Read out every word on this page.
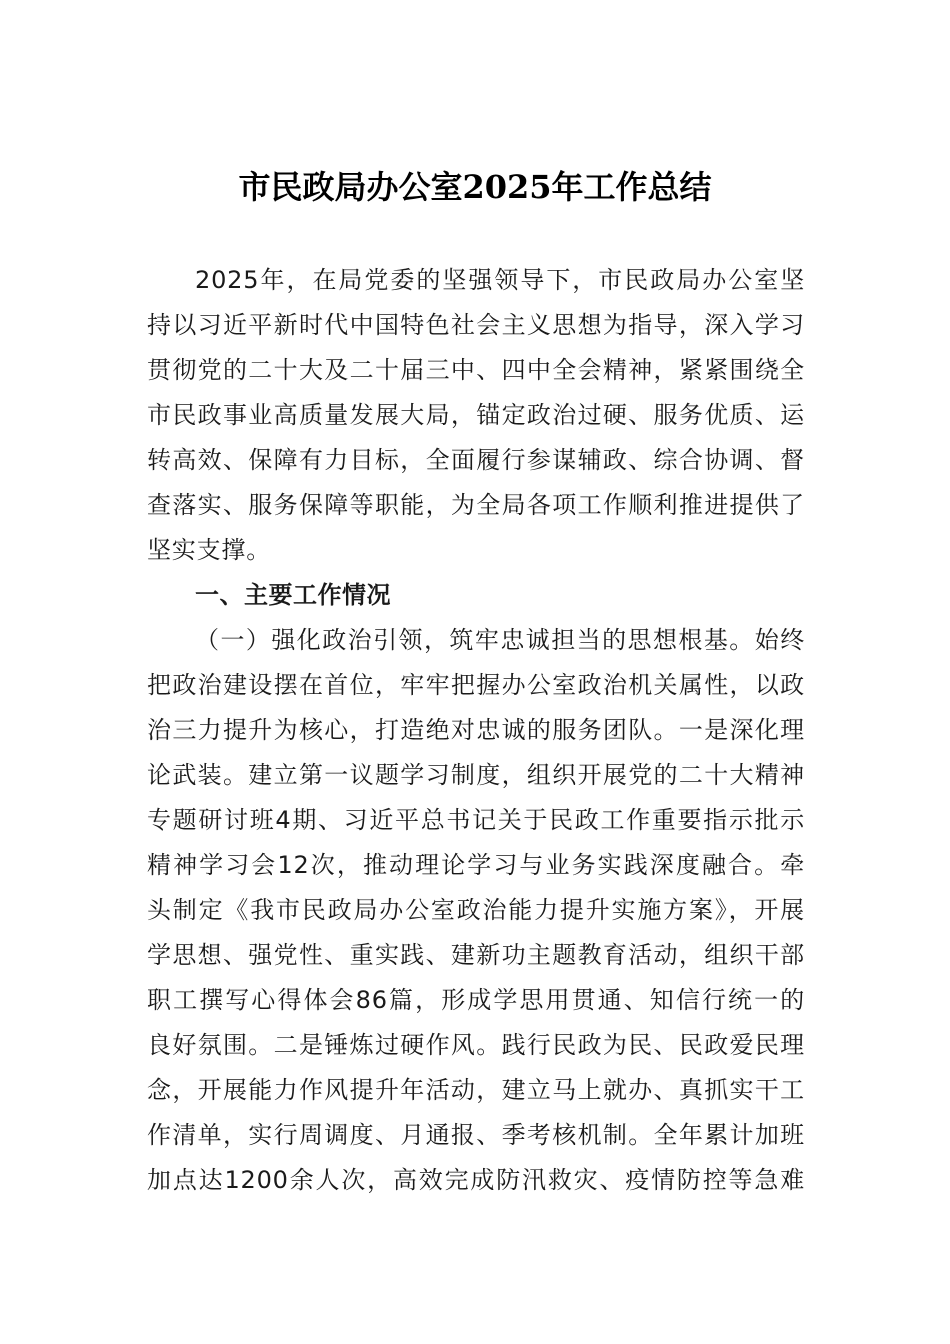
市民政局办公室2025年工作总结
2025年，在局党委的坚强领导下，市民政局办公室坚
持以习近平新时代中国特色社会主义思想为指导，深入学习
贯彻党的二十大及二十届三中、四中全会精神，紧紧围绕全
市民政事业高质量发展大局，锚定政治过硬、服务优质、运
转高效、保障有力目标，全面履行参谋辅政、综合协调、督
查落实、服务保障等职能，为全局各项工作顺利推进提供了
坚实支撑。
一、主要工作情况
（一）强化政治引领，筑牢忠诚担当的思想根基。始终
把政治建设摆在首位，牢牢把握办公室政治机关属性，以政
治三力提升为核心，打造绝对忠诚的服务团队。一是深化理
论武装。建立第一议题学习制度，组织开展党的二十大精神
专题研讨班4期、习近平总书记关于民政工作重要指示批示
精神学习会12次，推动理论学习与业务实践深度融合。牵
头制定《我市民政局办公室政治能力提升实施方案》，开展
学思想、强党性、重实践、建新功主题教育活动，组织干部
职工撰写心得体会86篇，形成学思用贯通、知信行统一的
良好氛围。二是锤炼过硬作风。践行民政为民、民政爱民理
念，开展能力作风提升年活动，建立马上就办、真抓实干工
作清单，实行周调度、月通报、季考核机制。全年累计加班
加点达1200余人次，高效完成防汛救灾、疫情防控等急难
